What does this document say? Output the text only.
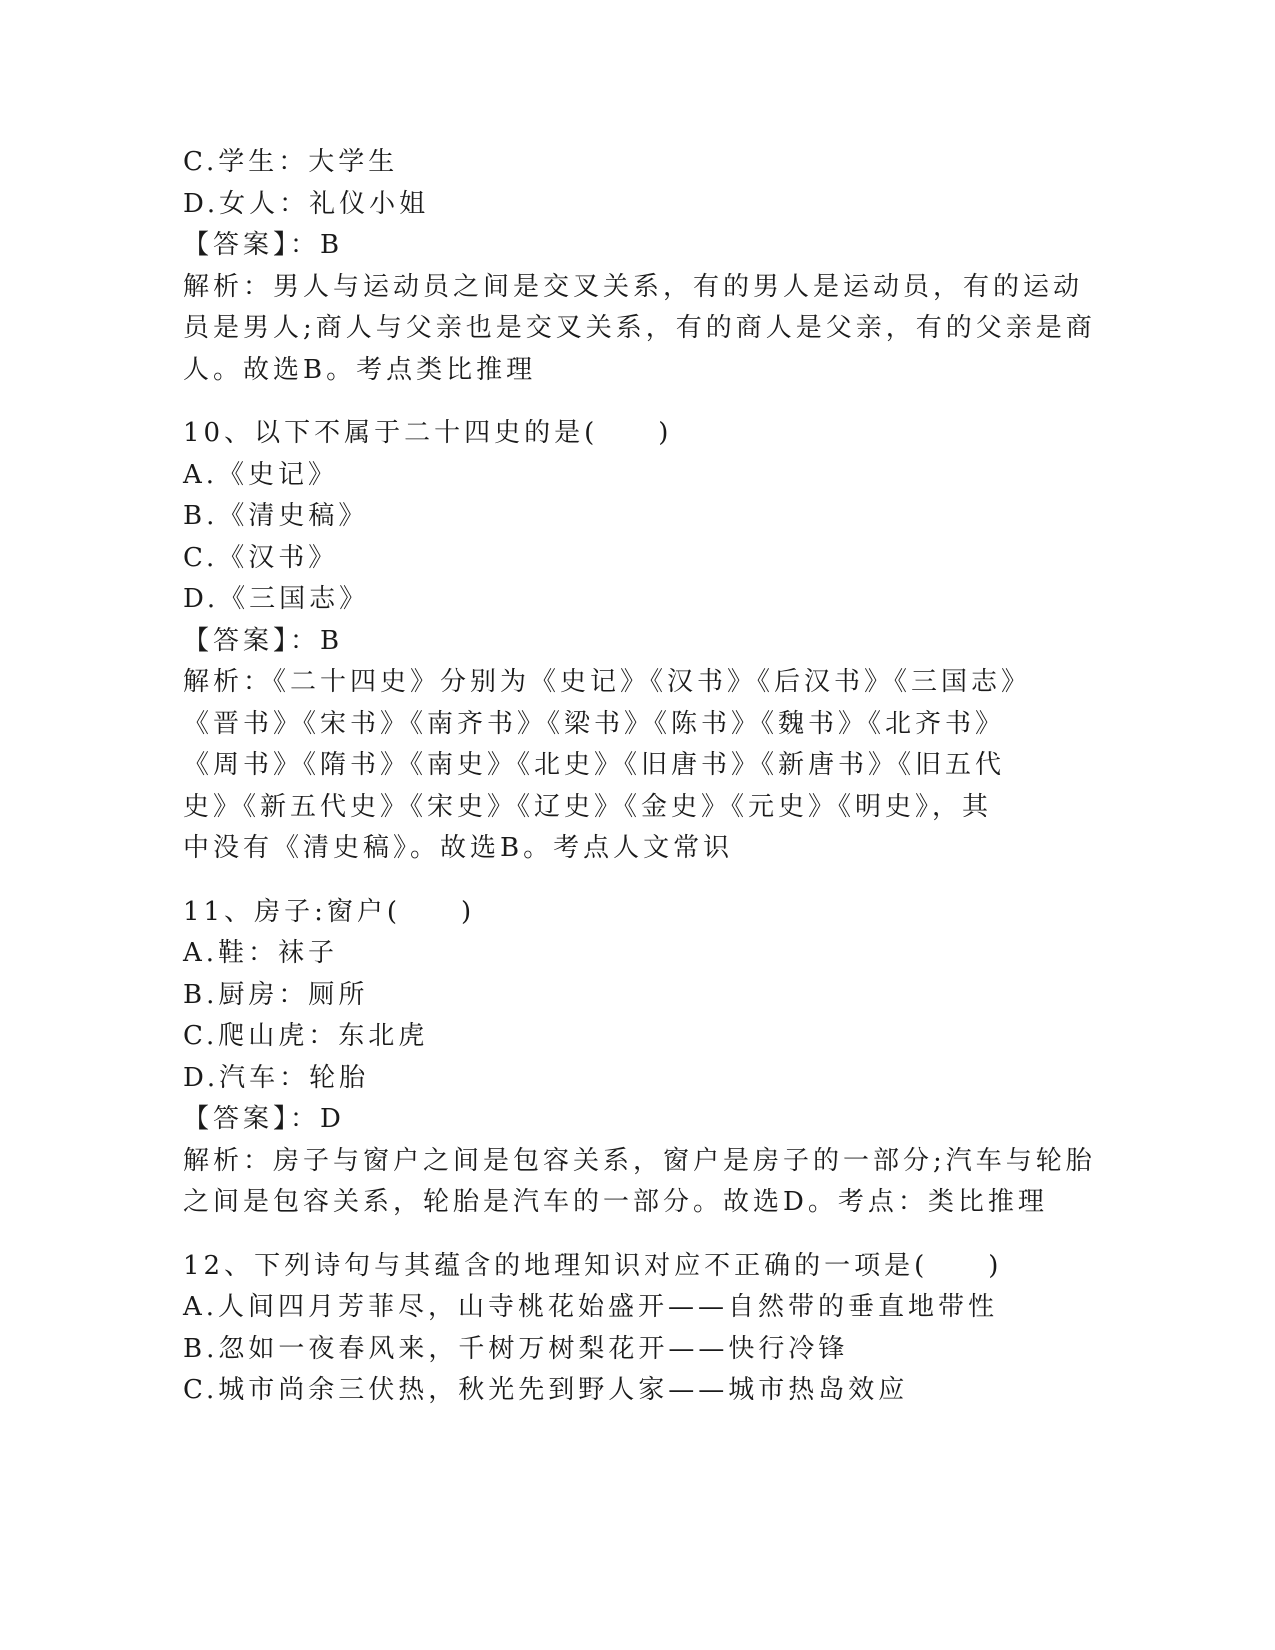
C.学生：大学生
D.女人：礼仪小姐
【答案】：B
解析：男人与运动员之间是交叉关系，有的男人是运动员，有的运动
员是男人;商人与父亲也是交叉关系，有的商人是父亲，有的父亲是商
人。故选B。考点类比推理
10、以下不属于二十四史的是(　　)
A.《史记》
B.《清史稿》
C.《汉书》
D.《三国志》
【答案】：B
解析：《二十四史》分别为《史记》《汉书》《后汉书》《三国志》
《晋书》《宋书》《南齐书》《梁书》《陈书》《魏书》《北齐书》
《周书》《隋书》《南史》《北史》《旧唐书》《新唐书》《旧五代
史》《新五代史》《宋史》《辽史》《金史》《元史》《明史》，其
中没有《清史稿》。故选B。考点人文常识
11、房子:窗户(　　)
A.鞋：袜子
B.厨房：厕所
C.爬山虎：东北虎
D.汽车：轮胎
【答案】：D
解析：房子与窗户之间是包容关系，窗户是房子的一部分;汽车与轮胎
之间是包容关系，轮胎是汽车的一部分。故选D。考点：类比推理
12、下列诗句与其蕴含的地理知识对应不正确的一项是(　　)
A.人间四月芳菲尽，山寺桃花始盛开——自然带的垂直地带性
B.忽如一夜春风来，千树万树梨花开——快行冷锋
C.城市尚余三伏热，秋光先到野人家——城市热岛效应
